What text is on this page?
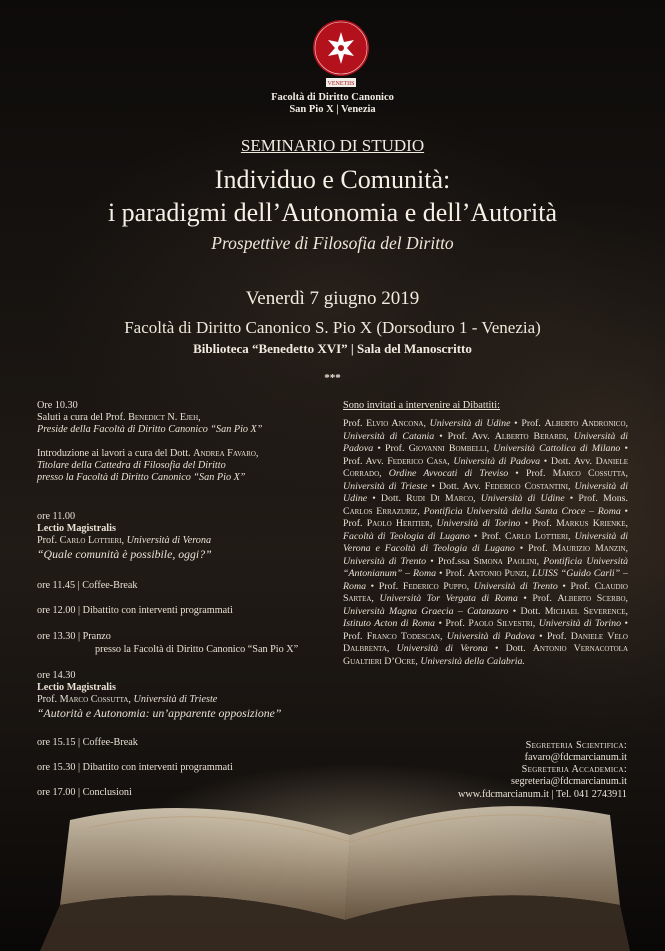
VENETIIS
Facoltà di Diritto Canonico
San Pio X | Venezia
SEMINARIO DI STUDIO
Individuo e Comunità:
i paradigmi dell’Autonomia e dell’Autorità
Prospettive di Filosofia del Diritto
Venerdì 7 giugno 2019
Facoltà di Diritto Canonico S. Pio X (Dorsoduro 1 - Venezia)
Biblioteca “Benedetto XVI” | Sala del Manoscritto
***
Ore 10.30
Saluti a cura del Prof. Benedict N. Ejeh,
Preside della Facoltà di Diritto Canonico “San Pio X”
Introduzione ai lavori a cura del Dott. Andrea Favaro,
Titolare della Cattedra di Filosofia del Diritto
presso la Facoltà di Diritto Canonico “San Pio X”
ore 11.00
Lectio Magistralis
Prof. Carlo Lottieri, Università di Verona
“Quale comunità è possibile, oggi?”
ore 11.45 | Coffee-Break
ore 12.00 | Dibattito con interventi programmati
ore 13.30 | Pranzo
presso la Facoltà di Diritto Canonico “San Pio X”
ore 14.30
Lectio Magistralis
Prof. Marco Cossutta, Università di Trieste
“Autorità e Autonomia: un’apparente opposizione”
ore 15.15 | Coffee-Break
ore 15.30 | Dibattito con interventi programmati
ore 17.00 | Conclusioni
Sono invitati a intervenire ai Dibattiti:
Prof. Elvio Ancona, Università di Udine • Prof. Alberto Andronico, Università di Catania • Prof. Avv. Alberto Berardi, Università di Padova • Prof. Giovanni Bombelli, Università Cattolica di Milano • Prof. Avv. Federico Casa, Università di Padova • Dott. Avv. Daniele Corrado, Ordine Avvocati di Treviso • Prof. Marco Cossutta, Università di Trieste • Dott. Avv. Federico Costantini, Università di Udine • Dott. Rudi Di Marco, Università di Udine • Prof. Mons. Carlos Errazuriz, Pontificia Università della Santa Croce – Roma • Prof. Paolo Heritier, Università di Torino • Prof. Markus Krienke, Facoltà di Teologia di Lugano • Prof. Carlo Lottieri, Università di Verona e Facoltà di Teologia di Lugano • Prof. Maurizio Manzin, Università di Trento • Prof.ssa Simona Paolini, Pontificia Università “Antonianum” – Roma • Prof. Antonio Punzi, LUISS “Guido Carli” – Roma • Prof. Federico Puppo, Università di Trento • Prof. Claudio Sartea, Università Tor Vergata di Roma • Prof. Alberto Scerbo, Università Magna Graecia – Catanzaro • Dott. Michael Severence, Istituto Acton di Roma • Prof. Paolo Silvestri, Università di Torino • Prof. Franco Todescan, Università di Padova • Prof. Daniele Velo Dalbrenta, Università di Verona • Dott. Antonio Vernacotola Gualtieri D’Ocre, Università della Calabria.
Segreteria Scientifica:
favaro@fdcmarcianum.it
Segreteria Accademica:
segreteria@fdcmarcianum.it
www.fdcmarcianum.it | Tel. 041 2743911
